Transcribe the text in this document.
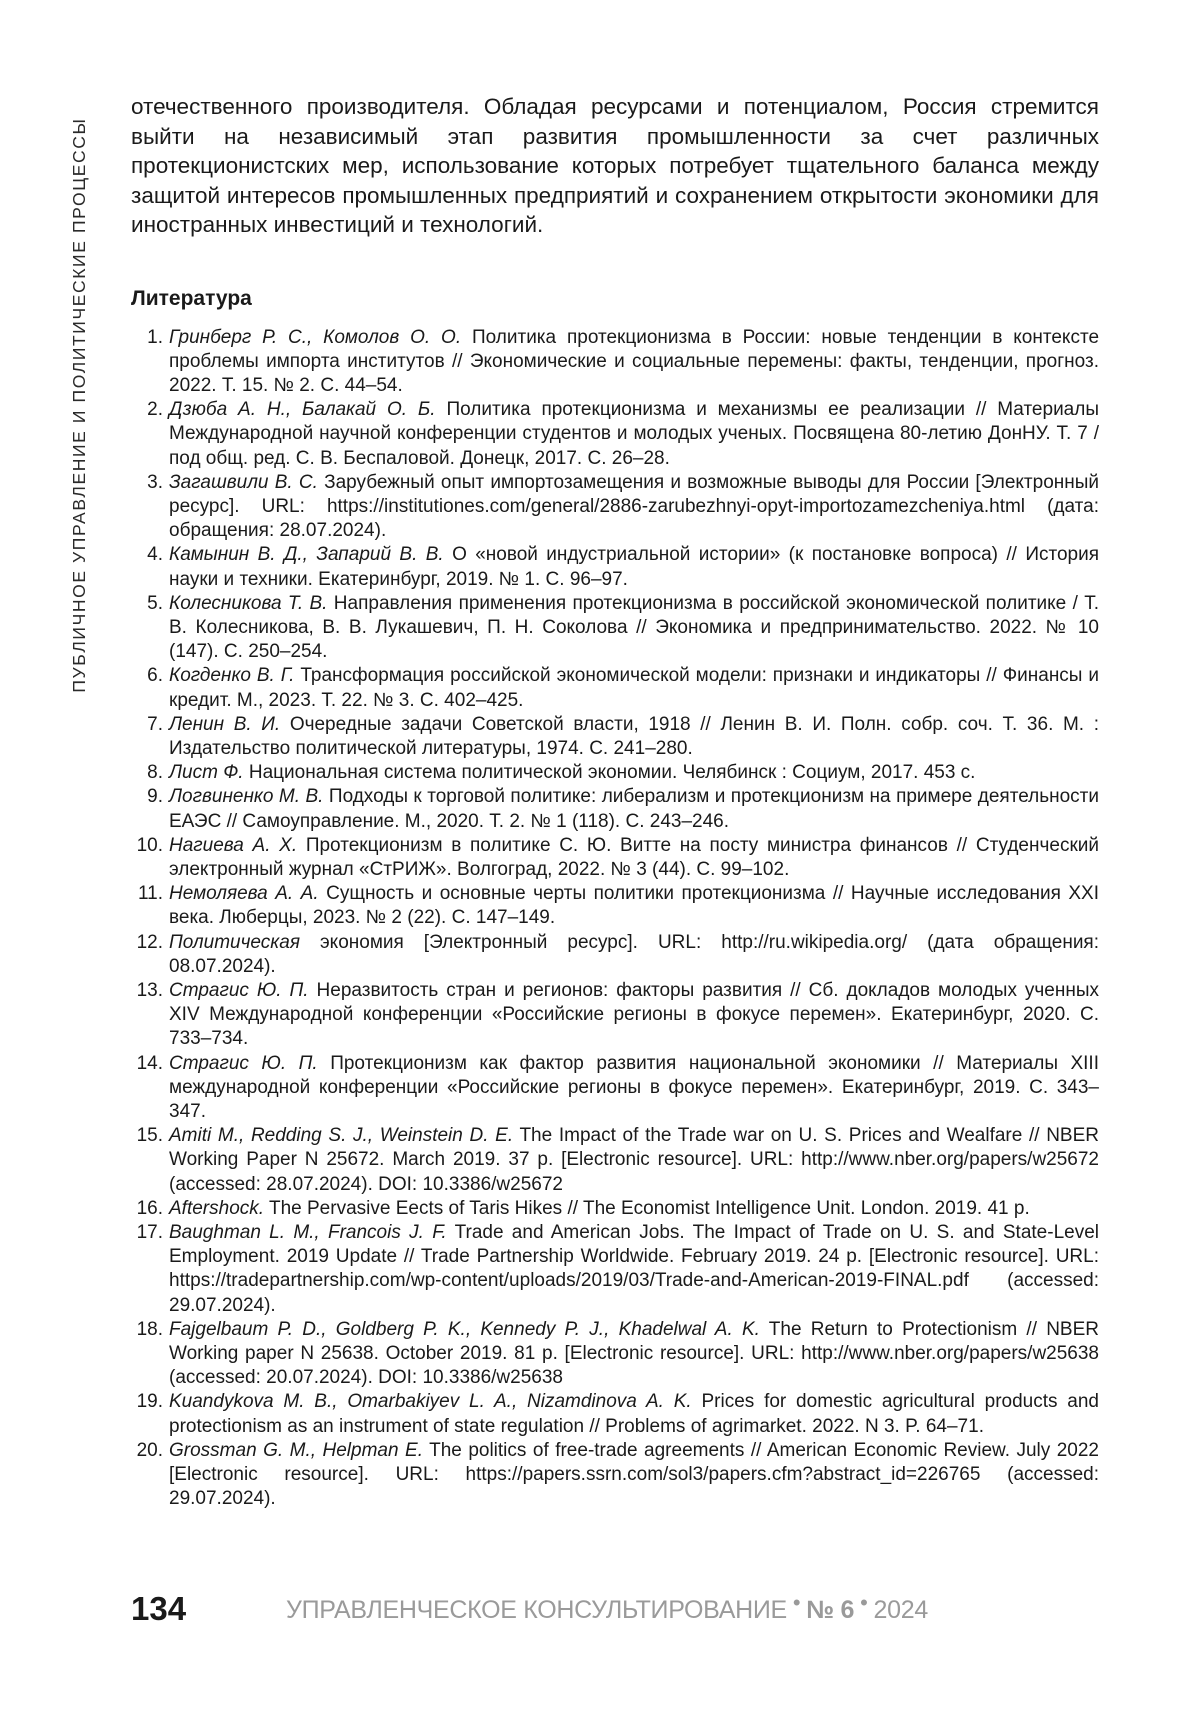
ПУБЛИЧНОЕ УПРАВЛЕНИЕ И ПОЛИТИЧЕСКИЕ ПРОЦЕССЫ

отечественного производителя. Обладая ресурсами и потенциалом, Россия стремится выйти на независимый этап развития промышленности за счет различных протекционистских мер, использование которых потребует тщательного баланса между защитой интересов промышленных предприятий и сохранением открытости экономики для иностранных инвестиций и технологий.

Литература
1. Гринберг Р. С., Комолов О. О. Политика протекционизма в России: новые тенденции в контексте проблемы импорта институтов // Экономические и социальные перемены: факты, тенденции, прогноз. 2022. Т. 15. № 2. С. 44–54.
2. Дзюба А. Н., Балакай О. Б. Политика протекционизма и механизмы ее реализации // Материалы Международной научной конференции студентов и молодых ученых. Посвящена 80-летию ДонНУ. Т. 7 / под общ. ред. С. В. Беспаловой. Донецк, 2017. С. 26–28.
3. Загашвили В. С. Зарубежный опыт импортозамещения и возможные выводы для России [Электронный ресурс]. URL: https://institutiones.com/general/2886-zarubezhnyi-opyt-importozamezcheniya.html (дата: обращения: 28.07.2024).
4. Камынин В. Д., Запарий В. В. О «новой индустриальной истории» (к постановке вопроса) // История науки и техники. Екатеринбург, 2019. № 1. С. 96–97.
5. Колесникова Т. В. Направления применения протекционизма в российской экономической политике / Т. В. Колесникова, В. В. Лукашевич, П. Н. Соколова // Экономика и предпринимательство. 2022. № 10 (147). С. 250–254.
6. Когденко В. Г. Трансформация российской экономической модели: признаки и индикаторы // Финансы и кредит. М., 2023. Т. 22. № 3. С. 402–425.
7. Ленин В. И. Очередные задачи Советской власти, 1918 // Ленин В. И. Полн. собр. соч. Т. 36. М. : Издательство политической литературы, 1974. С. 241–280.
8. Лист Ф. Национальная система политической экономии. Челябинск : Социум, 2017. 453 с.
9. Логвиненко М. В. Подходы к торговой политике: либерализм и протекционизм на примере деятельности ЕАЭС // Самоуправление. М., 2020. Т. 2. № 1 (118). С. 243–246.
10. Нагиева А. Х. Протекционизм в политике С. Ю. Витте на посту министра финансов // Студенческий электронный журнал «СтРИЖ». Волгоград, 2022. № 3 (44). С. 99–102.
11. Немоляева А. А. Сущность и основные черты политики протекционизма // Научные исследования XXI века. Люберцы, 2023. № 2 (22). С. 147–149.
12. Политическая экономия [Электронный ресурс]. URL: http://ru.wikipedia.org/ (дата обращения: 08.07.2024).
13. Страгис Ю. П. Неразвитость стран и регионов: факторы развития // Сб. докладов молодых ученных XIV Международной конференции «Российские регионы в фокусе перемен». Екатеринбург, 2020. С. 733–734.
14. Страгис Ю. П. Протекционизм как фактор развития национальной экономики // Материалы XIII международной конференции «Российские регионы в фокусе перемен». Екатеринбург, 2019. С. 343–347.
15. Amiti M., Redding S. J., Weinstein D. E. The Impact of the Trade war on U. S. Prices and Wealfare // NBER Working Paper N 25672. March 2019. 37 p. [Electronic resource]. URL: http://www.nber.org/papers/w25672 (accessed: 28.07.2024). DOI: 10.3386/w25672
16. Aftershock. The Pervasive Eects of Taris Hikes // The Economist Intelligence Unit. London. 2019. 41 p.
17. Baughman L. M., Francois J. F. Trade and American Jobs. The Impact of Trade on U. S. and State-Level Employment. 2019 Update // Trade Partnership Worldwide. February 2019. 24 p. [Electronic resource]. URL: https://tradepartnership.com/wp-content/uploads/2019/03/Trade-and-American-2019-FINAL.pdf (accessed: 29.07.2024).
18. Fajgelbaum P. D., Goldberg P. K., Kennedy P. J., Khadelwal A. K. The Return to Protectionism // NBER Working paper N 25638. October 2019. 81 p. [Electronic resource]. URL: http://www.nber.org/papers/w25638 (accessed: 20.07.2024). DOI: 10.3386/w25638
19. Kuandykova M. B., Omarbakiyev L. A., Nizamdinova A. K. Prices for domestic agricultural products and protectionism as an instrument of state regulation // Problems of agrimarket. 2022. N 3. P. 64–71.
20. Grossman G. M., Helpman E. The politics of free-trade agreements // American Economic Review. July 2022 [Electronic resource]. URL: https://papers.ssrn.com/sol3/papers.cfm?abstract_id=226765 (accessed: 29.07.2024).
134	УПРАВЛЕНЧЕСКОЕ КОНСУЛЬТИРОВАНИЕ • № 6 • 2024
